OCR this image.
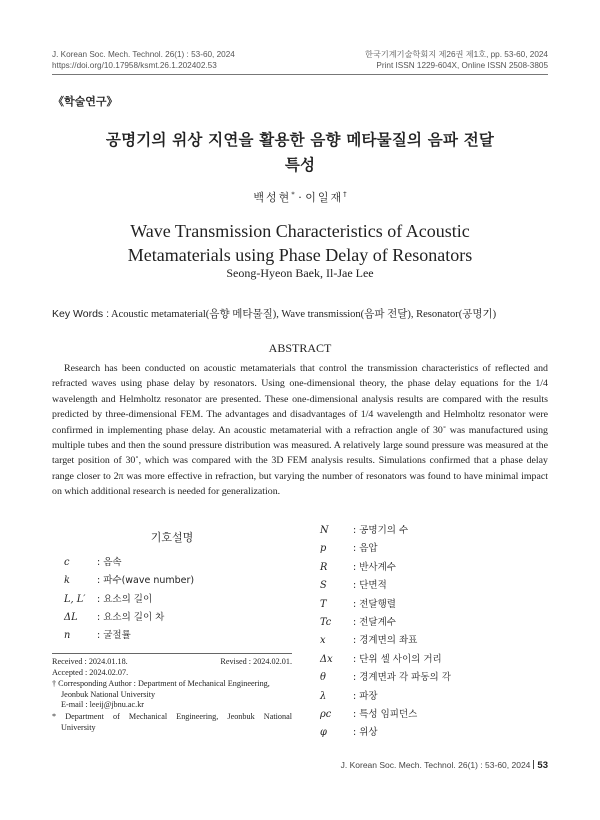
J. Korean Soc. Mech. Technol. 26(1) : 53-60, 2024
https://doi.org/10.17958/ksmt.26.1.202402.53
한국기계기술학회지 제26권 제1호, pp. 53-60, 2024
Print ISSN 1229-604X, Online ISSN 2508-3805
《학술연구》
공명기의 위상 지연을 활용한 음향 메타물질의 음파 전달
특성
백성현* · 이일재†
Wave Transmission Characteristics of Acoustic
Metamaterials using Phase Delay of Resonators
Seong-Hyeon Baek, Il-Jae Lee
Key Words : Acoustic metamaterial(음향 메타물질), Wave transmission(음파 전달), Resonator(공명기)
ABSTRACT
Research has been conducted on acoustic metamaterials that control the transmission characteristics of reflected and refracted waves using phase delay by resonators. Using one-dimensional theory, the phase delay equations for the 1/4 wavelength and Helmholtz resonator are presented. These one-dimensional analysis results are compared with the results predicted by three-dimensional FEM. The advantages and disadvantages of 1/4 wavelength and Helmholtz resonator were confirmed in implementing phase delay. An acoustic metamaterial with a refraction angle of 30˚ was manufactured using multiple tubes and then the sound pressure distribution was measured. A relatively large sound pressure was measured at the target position of 30˚, which was compared with the 3D FEM analysis results. Simulations confirmed that a phase delay range closer to 2π was more effective in refraction, but varying the number of resonators was found to have minimal impact on which additional research is needed for generalization.
기호설명
c	: 음속
k	: 파수(wave number)
L, L′ : 요소의 길이
ΔL : 요소의 길이 차
n	: 굴절률
N	: 공명기의 수
p	: 음압
R	: 반사계수
S	: 단면적
T	: 전달행렬
Tc : 전달계수
x	: 경계면의 좌표
Δx : 단위 셀 사이의 거리
θ	: 경계면과 각 파동의 각
λ	: 파장
ρc : 특성 임피던스
φ	: 위상
Received : 2024.01.18.	Revised : 2024.02.01.
Accepted : 2024.02.07.
† Corresponding Author : Department of Mechanical Engineering,
Jeonbuk National University
E-mail : leeij@jbnu.ac.kr
* Department of Mechanical Engineering, Jeonbuk National
University
J. Korean Soc. Mech. Technol. 26(1) : 53-60, 2024 53
